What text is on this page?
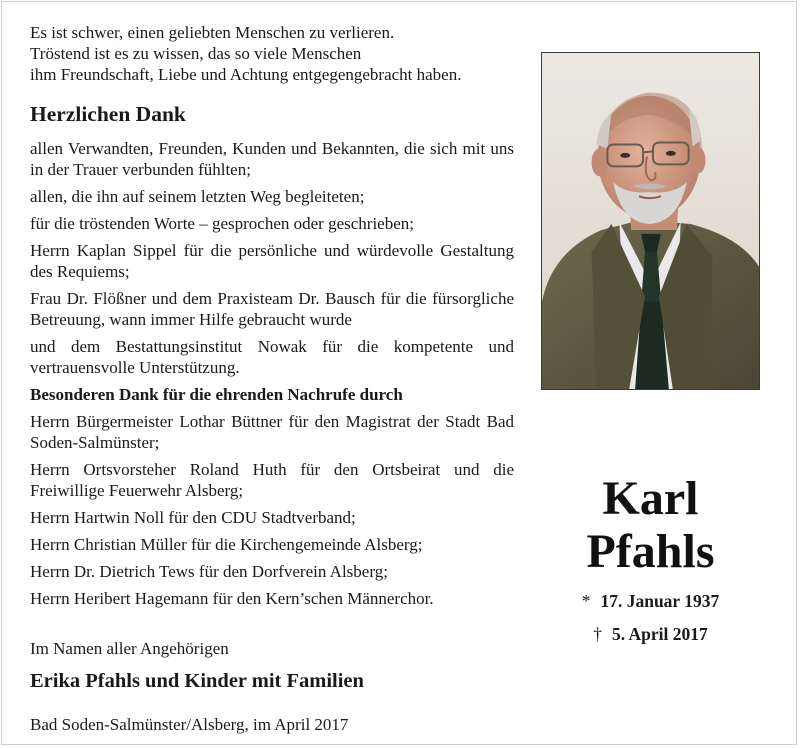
Es ist schwer, einen geliebten Menschen zu verlieren.
Tröstend ist es zu wissen, das so viele Menschen
ihm Freundschaft, Liebe und Achtung entgegengebracht haben.
Herzlichen Dank
allen Verwandten, Freunden, Kunden und Bekannten, die sich mit uns in der Trauer verbunden fühlten;
allen, die ihn auf seinem letzten Weg begleiteten;
für die tröstenden Worte – gesprochen oder geschrieben;
Herrn Kaplan Sippel für die persönliche und würdevolle Gestaltung des Requiems;
Frau Dr. Flößner und dem Praxisteam Dr. Bausch für die fürsorgliche Betreuung, wann immer Hilfe gebraucht wurde
und dem Bestattungsinstitut Nowak für die kompetente und vertrauensvolle Unterstützung.
Besonderen Dank für die ehrenden Nachrufe durch
Herrn Bürgermeister Lothar Büttner für den Magistrat der Stadt Bad Soden-Salmünster;
Herrn Ortsvorsteher Roland Huth für den Ortsbeirat und die Freiwillige Feuerwehr Alsberg;
Herrn Hartwin Noll für den CDU Stadtverband;
Herrn Christian Müller für die Kirchengemeinde Alsberg;
Herrn Dr. Dietrich Tews für den Dorfverein Alsberg;
Herrn Heribert Hagemann für den Kern’schen Männerchor.
Im Namen aller Angehörigen
Erika Pfahls und Kinder mit Familien
Bad Soden-Salmünster/Alsberg, im April 2017
Karl
Pfahls
* 17. Januar 1937
† 5. April 2017
